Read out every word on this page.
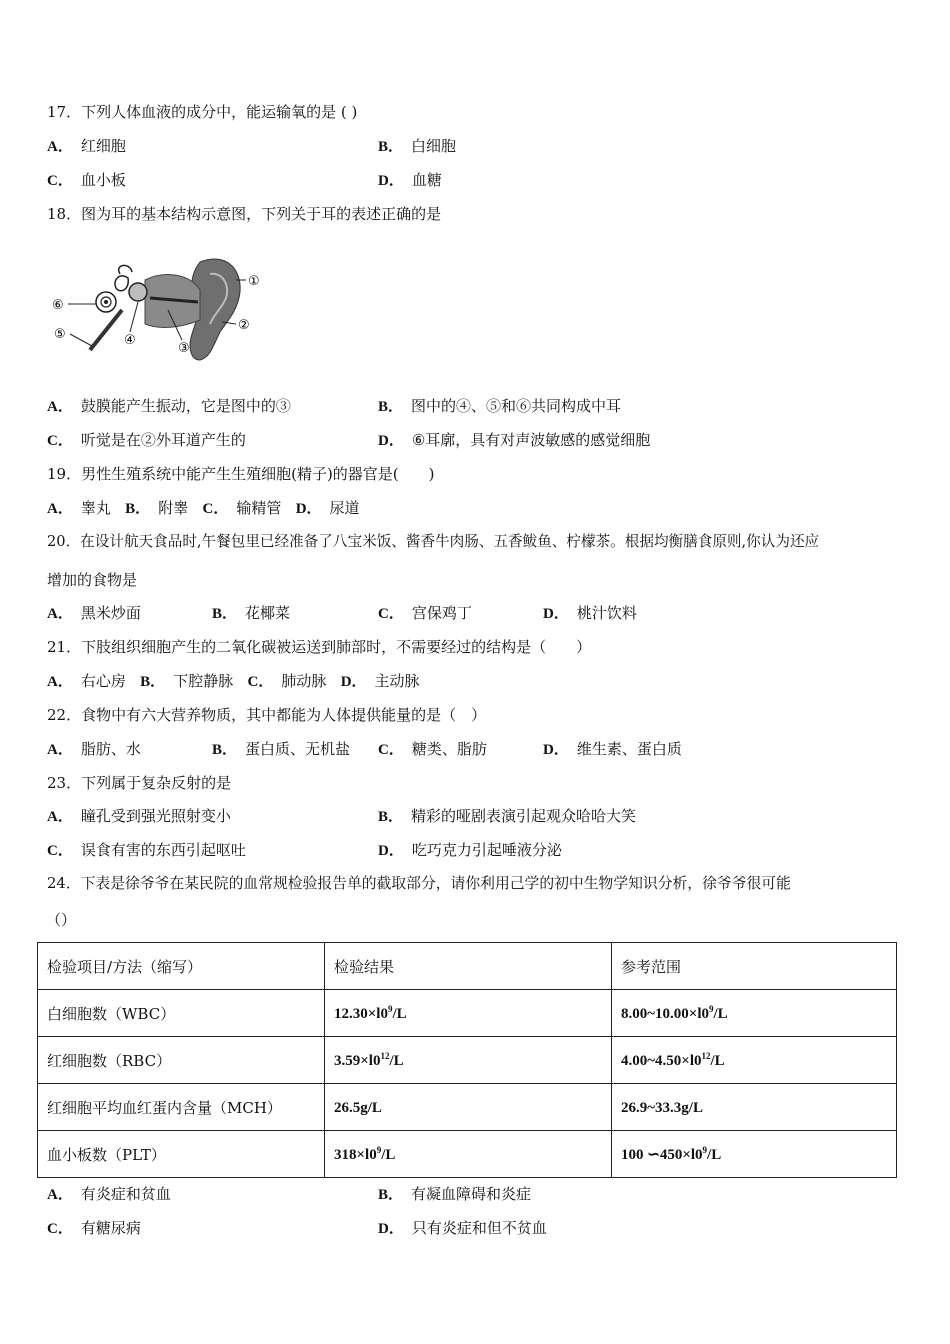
17．下列人体血液的成分中，能运输氧的是 ( )
A． 红细胞	B． 白细胞
C． 血小板	D． 血糖
18．图为耳的基本结构示意图，下列关于耳的表述正确的是
①
②
③
④
⑤
⑥
A． 鼓膜能产生振动，它是图中的③	B． 图中的④、⑤和⑥共同构成中耳
C． 听觉是在②外耳道产生的	D． ⑥耳廓，具有对声波敏感的感觉细胞
19．男性生殖系统中能产生生殖细胞(精子)的器官是(　　)
A． 睾丸 B． 附睾 C． 输精管 D． 尿道
20．在设计航天食品时,午餐包里已经准备了八宝米饭、酱香牛肉肠、五香鲅鱼、柠檬茶。根据均衡膳食原则,你认为还应
增加的食物是
A． 黑米炒面	B． 花椰菜	C． 宫保鸡丁	D． 桃汁饮料
21．下肢组织细胞产生的二氧化碳被运送到肺部时，不需要经过的结构是（　　）
A． 右心房 B． 下腔静脉 C． 肺动脉 D． 主动脉
22．食物中有六大营养物质，其中都能为人体提供能量的是（　）
A． 脂肪、水	B． 蛋白质、无机盐 C． 糖类、脂肪	D． 维生素、蛋白质
23．下列属于复杂反射的是
A． 瞳孔受到强光照射变小	B． 精彩的哑剧表演引起观众哈哈大笑
C． 误食有害的东西引起呕吐	D． 吃巧克力引起唾液分泌
24．下表是徐爷爷在某民院的血常规检验报告单的截取部分，请你利用己学的初中生物学知识分析，徐爷爷很可能
（）
检验项目/方法（缩写）	检验结果	参考范围
白细胞数（WBC）	$12.30\times l0^9/L$	$8.00\sim 10.00\times l0^9/L$
红细胞数（RBC）	$3.59\times l0^{12}/L$	$4.00\sim 4.50\times l0^{12}/L$
红细胞平均血红蛋内含量（MCH）	26.5g/L	26.9~33.3g/L
血小板数（PLT）	$318\times l0^9/L$	100 $∽450\times l0^9/L$
A． 有炎症和贫血	B． 有凝血障碍和炎症
C． 有糖尿病	D． 只有炎症和但不贫血
